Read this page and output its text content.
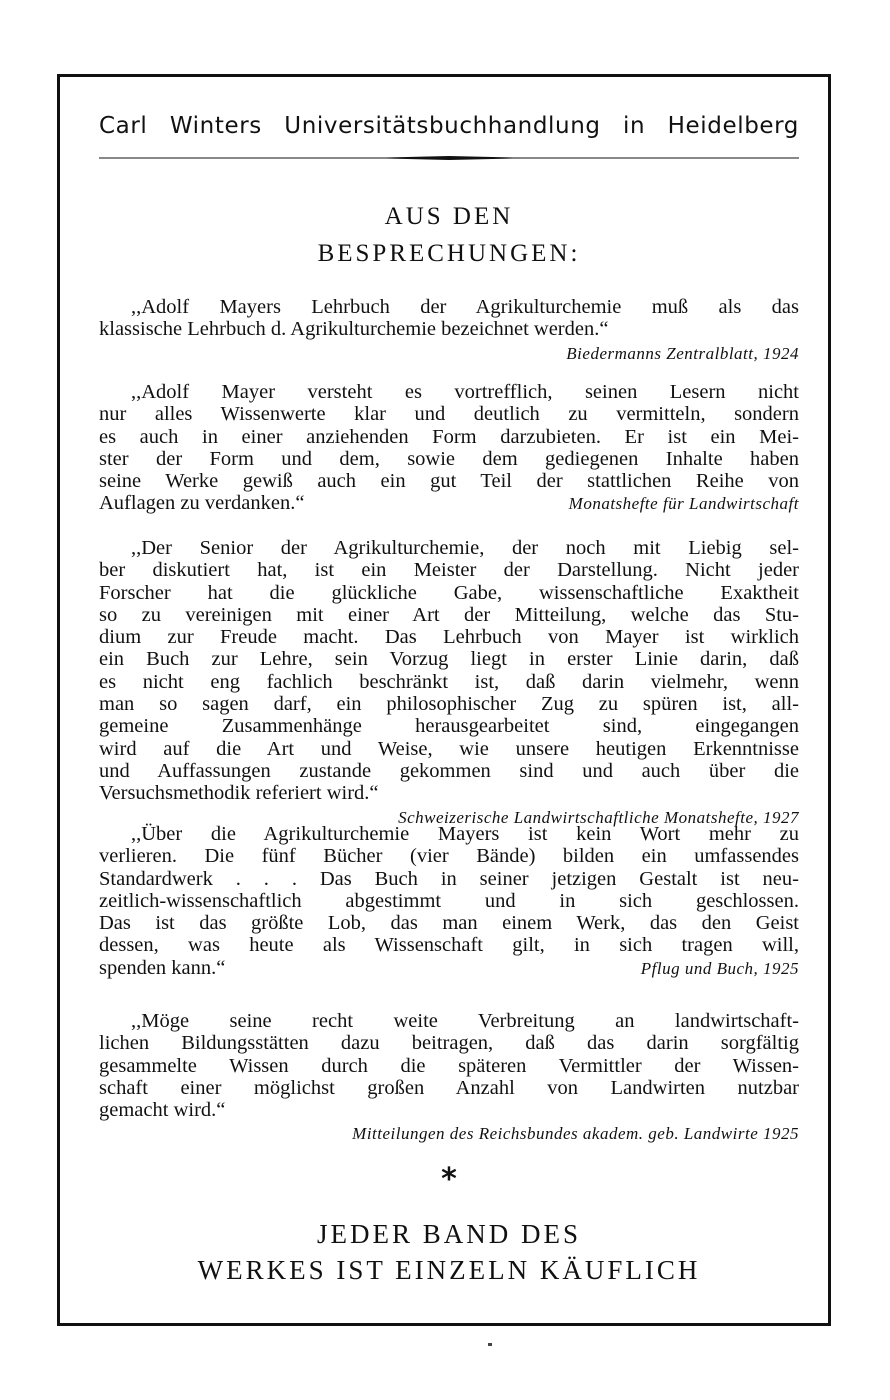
Carl Winters Universitätsbuchhandlung in Heidelberg
AUS DEN
BESPRECHUNGEN:
,,Adolf Mayers Lehrbuch der Agrikulturchemie muß als das
klassische Lehrbuch d. Agrikulturchemie bezeichnet werden.“
Biedermanns Zentralblatt, 1924
,,Adolf Mayer versteht es vortrefflich, seinen Lesern nicht
nur alles Wissenwerte klar und deutlich zu vermitteln, sondern
es auch in einer anziehenden Form darzubieten. Er ist ein Mei-
ster der Form und dem, sowie dem gediegenen Inhalte haben
seine Werke gewiß auch ein gut Teil der stattlichen Reihe von
Auflagen zu verdanken.“	Monatshefte für Landwirtschaft
,,Der Senior der Agrikulturchemie, der noch mit Liebig sel-
ber diskutiert hat, ist ein Meister der Darstellung. Nicht jeder
Forscher hat die glückliche Gabe, wissenschaftliche Exaktheit
so zu vereinigen mit einer Art der Mitteilung, welche das Stu-
dium zur Freude macht. Das Lehrbuch von Mayer ist wirklich
ein Buch zur Lehre, sein Vorzug liegt in erster Linie darin, daß
es nicht eng fachlich beschränkt ist, daß darin vielmehr, wenn
man so sagen darf, ein philosophischer Zug zu spüren ist, all-
gemeine Zusammenhänge herausgearbeitet sind, eingegangen
wird auf die Art und Weise, wie unsere heutigen Erkenntnisse
und Auffassungen zustande gekommen sind und auch über die
Versuchsmethodik referiert wird.“
Schweizerische Landwirtschaftliche Monatshefte, 1927
,,Über die Agrikulturchemie Mayers ist kein Wort mehr zu
verlieren. Die fünf Bücher (vier Bände) bilden ein umfassendes
Standardwerk . . . Das Buch in seiner jetzigen Gestalt ist neu-
zeitlich-wissenschaftlich abgestimmt und in sich geschlossen.
Das ist das größte Lob, das man einem Werk, das den Geist
dessen, was heute als Wissenschaft gilt, in sich tragen will,
spenden kann.“	Pflug und Buch, 1925
,,Möge seine recht weite Verbreitung an landwirtschaft-
lichen Bildungsstätten dazu beitragen, daß das darin sorgfältig
gesammelte Wissen durch die späteren Vermittler der Wissen-
schaft einer möglichst großen Anzahl von Landwirten nutzbar
gemacht wird.“
Mitteilungen des Reichsbundes akadem. geb. Landwirte 1925
*
JEDER BAND DES
WERKES IST EINZELN KÄUFLICH
